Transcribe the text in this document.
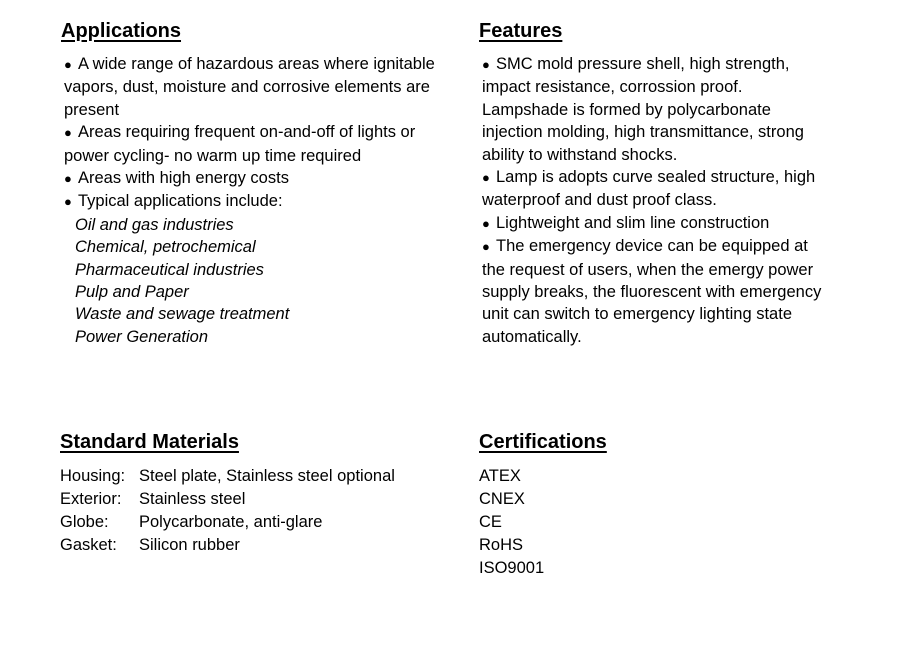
Applications

● A wide range of hazardous areas where ignitable vapors, dust, moisture and corrosive elements are present

● Areas requiring frequent on-and-off of lights or power cycling- no warm up time required

● Areas with high energy costs

● Typical applications include:

Oil and gas industries

Chemical, petrochemical

Pharmaceutical industries

Pulp and Paper

Waste and sewage treatment

Power Generation

Features

● SMC mold pressure shell, high strength, impact resistance, corrossion proof. Lampshade is formed by polycarbonate injection molding, high transmittance, strong ability to withstand shocks.

● Lamp is adopts curve sealed structure, high waterproof and dust proof class.

● Lightweight and slim line construction

● The emergency device can be equipped at the request of users, when the emergy power supply breaks, the fluorescent with emergency unit can switch to emergency lighting state automatically.

Standard Materials
Housing: Steel plate, Stainless steel optional
Exterior:	Stainless steel
Globe:	Polycarbonate, anti-glare
Gasket:	Silicon rubber
Certifications
ATEX
CNEX
CE
RoHS
ISO9001
